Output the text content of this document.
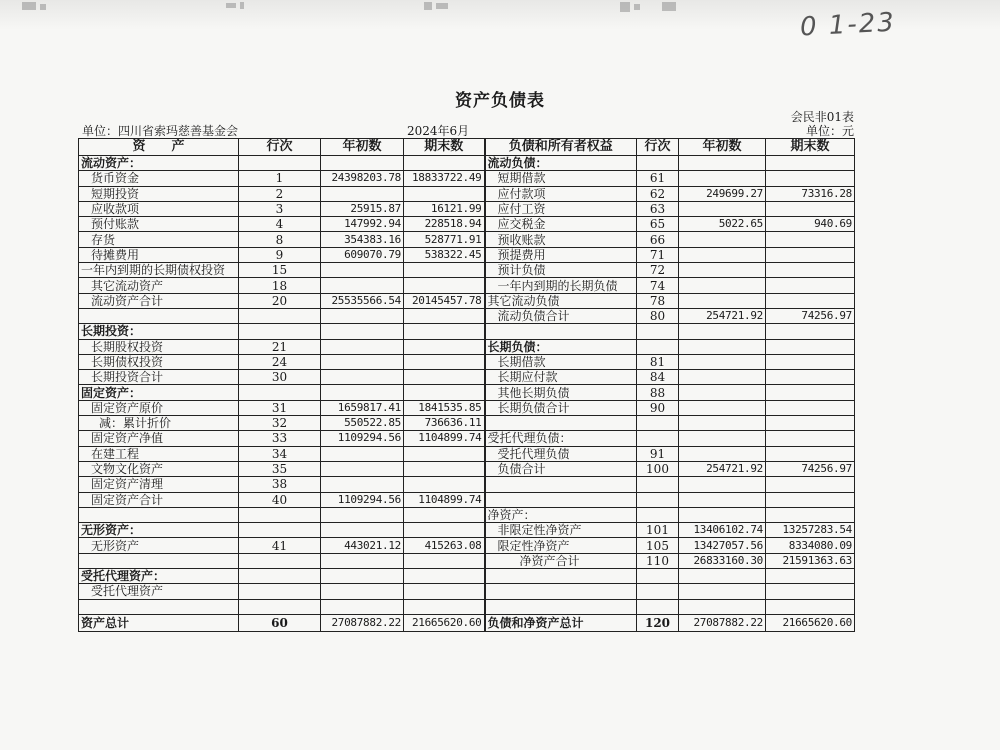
0 1-23
资产负债表
会民非01表
单位：四川省索玛慈善基金会	2024年6月	单位：元
资　　产	行次	年初数	期末数	负债和所有者权益	行次	年初数	期末数
流动资产：				流动负债：			
货币资金	1	24398203.78	18833722.49	短期借款	61		
短期投资	2			应付款项	62	249699.27	73316.28
应收款项	3	25915.87	16121.99	应付工资	63		
预付账款	4	147992.94	228518.94	应交税金	65	5022.65	940.69
存货	8	354383.16	528771.91	预收账款	66		
待摊费用	9	609070.79	538322.45	预提费用	71		
一年内到期的长期债权投资	15			预计负债	72		
其它流动资产	18			一年内到期的长期负债	74		
流动资产合计	20	25535566.54	20145457.78	其它流动负债	78		
				流动负债合计	80	254721.92	74256.97
长期投资：							
长期股权投资	21			长期负债：			
长期债权投资	24			长期借款	81		
长期投资合计	30			长期应付款	84		
固定资产：				其他长期负债	88		
固定资产原价	31	1659817.41	1841535.85	长期负债合计	90		
减：累计折价	32	550522.85	736636.11				
固定资产净值	33	1109294.56	1104899.74	受托代理负债：			
在建工程	34			受托代理负债	91		
文物文化资产	35			负债合计	100	254721.92	74256.97
固定资产清理	38						
固定资产合计	40	1109294.56	1104899.74				
				净资产：			
无形资产：				非限定性净资产	101	13406102.74	13257283.54
无形资产	41	443021.12	415263.08	限定性净资产	105	13427057.56	8334080.09
				净资产合计	110	26833160.30	21591363.63
受托代理资产：							
受托代理资产							

资产总计	60	27087882.22	21665620.60	负债和净资产总计	120	27087882.22	21665620.60
